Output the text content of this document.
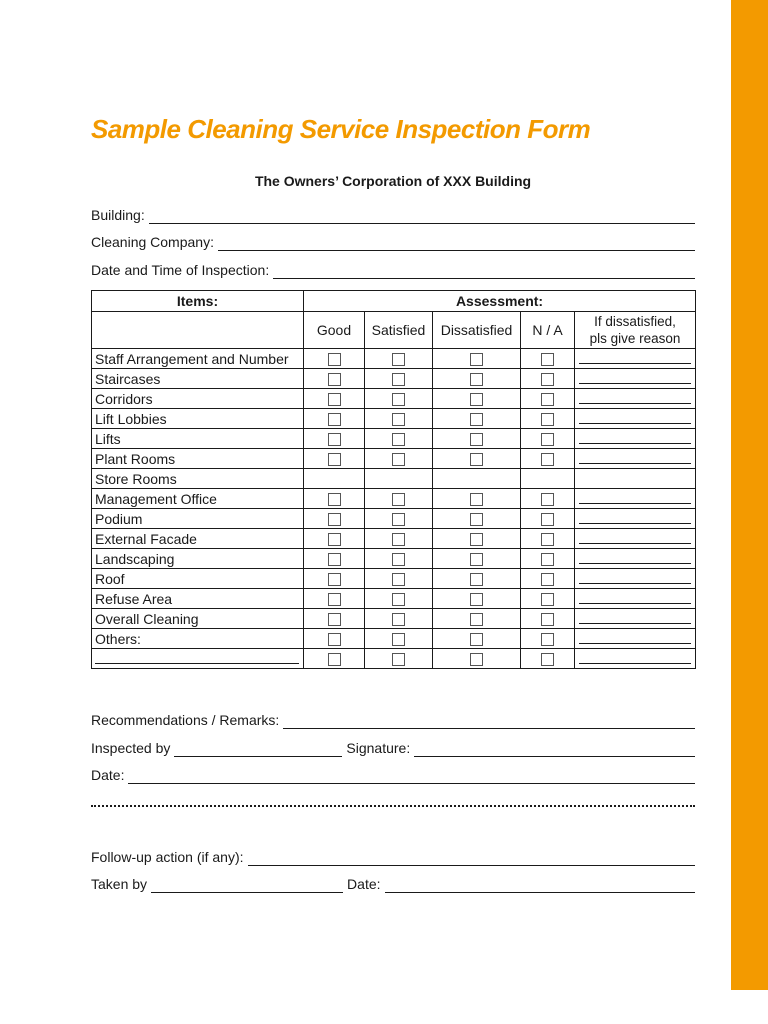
Sample Cleaning Service Inspection Form
The Owners’ Corporation of XXX Building
Building:
Cleaning Company:
Date and Time of Inspection:
Items:	Assessment:				
	Good	Satisfied	Dissatisfied	N / A	If dissatisfied,
pls give reason
Staff Arrangement and Number					

Staircases					

Corridors					

Lift Lobbies					

Lifts					

Plant Rooms					

Store Rooms					
Management Office					

Podium					

External Facade					

Landscaping					

Roof					

Refuse Area					

Overall Cleaning					

Others:					

Recommendations / Remarks:
Inspected by	Signature:
Date:
Follow-up action (if any):
Taken by	Date:
